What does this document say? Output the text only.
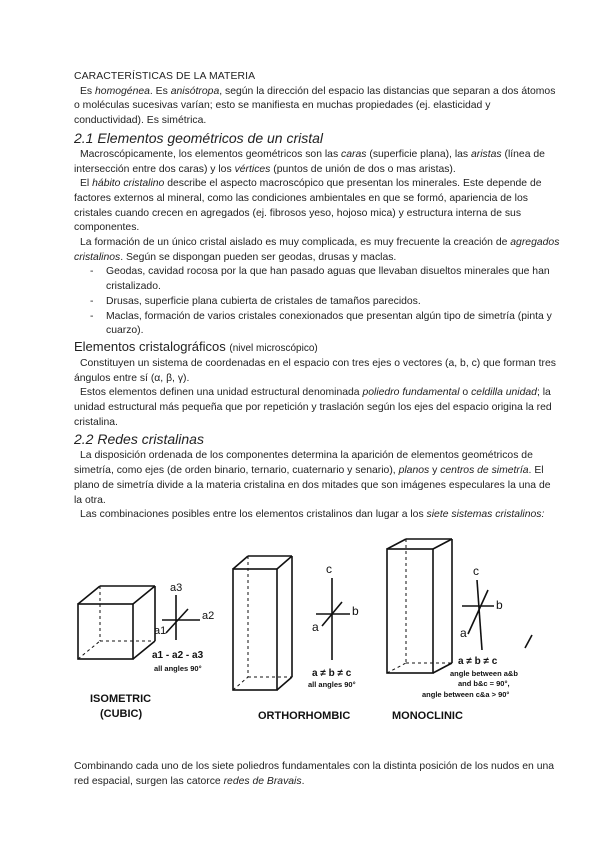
CARACTERÍSTICAS DE LA MATERIA

Es homogénea. Es anisótropa, según la dirección del espacio las distancias que separan a dos átomos o moléculas sucesivas varían; esto se manifiesta en muchas propiedades (ej. elasticidad y conductividad). Es simétrica.

2.1 Elementos geométricos de un cristal

Macroscópicamente, los elementos geométricos son las caras (superficie plana), las aristas (línea de intersección entre dos caras) y los vértices (puntos de unión de dos o mas aristas).

El hábito cristalino describe el aspecto macroscópico que presentan los minerales. Este depende de factores externos al mineral, como las condiciones ambientales en que se formó, apariencia de los cristales cuando crecen en agregados (ej. fibrosos yeso, hojoso mica) y estructura interna de sus componentes.

La formación de un único cristal aislado es muy complicada, es muy frecuente la creación de agregados cristalinos. Según se dispongan pueden ser geodas, drusas y maclas.

- Geodas, cavidad rocosa por la que han pasado aguas que llevaban disueltos minerales que han cristalizado.
- Drusas, superficie plana cubierta de cristales de tamaños parecidos.
- Maclas, formación de varios cristales conexionados que presentan algún tipo de simetría (pinta y cuarzo).
Elementos cristalográficos (nivel microscópico)

Constituyen un sistema de coordenadas en el espacio con tres ejes o vectores (a, b, c) que forman tres ángulos entre sí (α, β, γ).

Estos elementos definen una unidad estructural denominada poliedro fundamental o celdilla unidad; la unidad estructural más pequeña que por repetición y traslación según los ejes del espacio origina la red cristalina.

2.2 Redes cristalinas

La disposición ordenada de los componentes determina la aparición de elementos geométricos de simetría, como ejes (de orden binario, ternario, cuaternario y senario), planos y centros de simetría. El plano de simetría divide a la materia cristalina en dos mitades que son imágenes especulares la una de la otra.

Las combinaciones posibles entre los elementos cristalinos dan lugar a los siete sistemas cristalinos:

a3
a2
a1
a1 - a2 - a3
all angles 90°
ISOMETRIC
(CUBIC)
c
b
a
a ≠ b ≠ c
all angles 90°
ORTHORHOMBIC
c
b
a
a ≠ b ≠ c
angle between a&b
and b&c = 90°,
angle between c&a > 90°
MONOCLINIC

Combinando cada uno de los siete poliedros fundamentales con la distinta posición de los nudos en una red espacial, surgen las catorce redes de Bravais.
